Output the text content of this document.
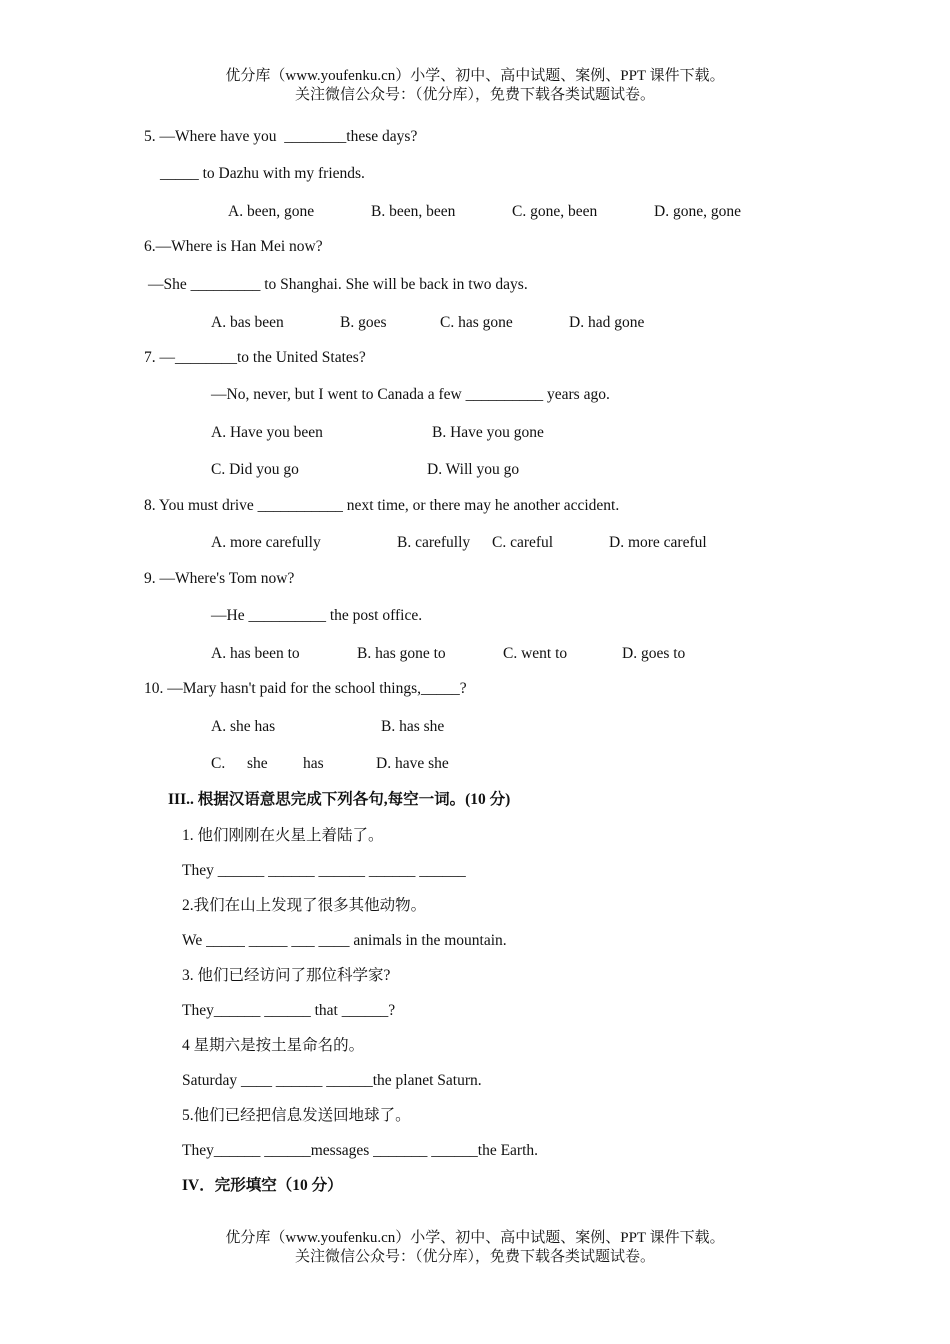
优分库（www.youfenku.cn）小学、初中、高中试题、案例、PPT 课件下载。
关注微信公众号：（优分库），免费下载各类试题试卷。
5. —Where have you  ________these days?
_____ to Dazhu with my friends.
A. been, gone	B. been, been	C. gone, been	D. gone, gone
6.—Where is Han Mei now?
—She _________ to Shanghai. She will be back in two days.
A. bas been	B. goes	C. has gone	D. had gone
7. —________to the United States?
—No, never, but I went to Canada a few __________ years ago.
A. Have you been	B. Have you gone
C. Did you go	D. Will you go
8. You must drive ___________ next time, or there may he another accident.
A. more carefully	B. carefully C. careful	D. more careful
9. —Where's Tom now?
—He __________ the post office.
A. has been to	B. has gone to	C. went to	D. goes to
10. —Mary hasn't paid for the school things,_____?
A. she has	B. has she
C. she has	D. have she
III.. 根据汉语意思完成下列各句,每空一词。(10 分)
1. 他们刚刚在火星上着陆了。
They ______ ______ ______ ______ ______
2.我们在山上发现了很多其他动物。
We _____ _____ ___ ____ animals in the mountain.
3. 他们已经访问了那位科学家?
They______ ______ that ______?
4 星期六是按土星命名的。
Saturday ____ ______ ______the planet Saturn.
5.他们已经把信息发送回地球了。
They______ ______messages _______ ______the Earth.
IV．完形填空（10 分）
优分库（www.youfenku.cn）小学、初中、高中试题、案例、PPT 课件下载。
关注微信公众号：（优分库），免费下载各类试题试卷。
